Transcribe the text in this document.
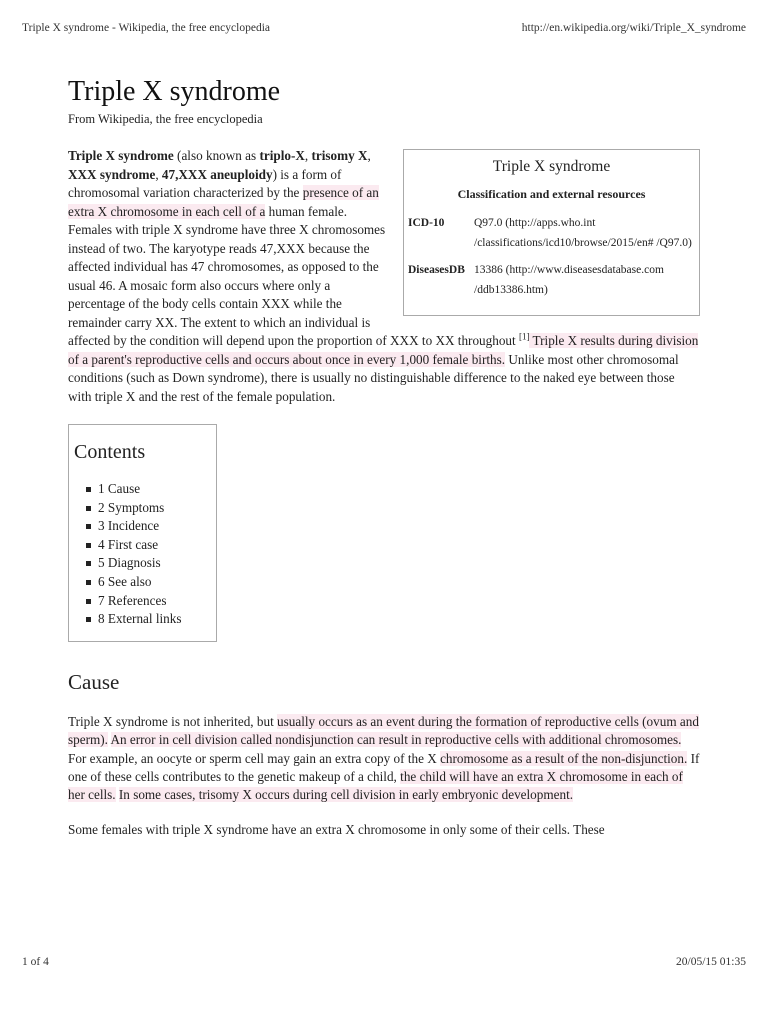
Triple X syndrome - Wikipedia, the free encyclopedia	http://en.wikipedia.org/wiki/Triple_X_syndrome
Triple X syndrome
From Wikipedia, the free encyclopedia
Triple X syndrome
Classification and external resources
ICD-10	Q97.0 (http://apps.who.int /classifications/icd10/browse/2015/en# /Q97.0)
DiseasesDB	13386 (http://www.diseasesdatabase.com /ddb13386.htm)
Triple X syndrome (also known as triplo-X, trisomy X, XXX syndrome, 47,XXX aneuploidy) is a form of chromosomal variation characterized by the presence of an extra X chromosome in each cell of a human female. Females with triple X syndrome have three X chromosomes instead of two. The karyotype reads 47,XXX because the affected individual has 47 chromosomes, as opposed to the usual 46. A mosaic form also occurs where only a percentage of the body cells contain XXX while the remainder carry XX. The extent to which an individual is affected by the condition will depend upon the proportion of XXX to XX throughout [1] Triple X results during division of a parent's reproductive cells and occurs about once in every 1,000 female births. Unlike most other chromosomal conditions (such as Down syndrome), there is usually no distinguishable difference to the naked eye between those with triple X and the rest of the female population.
Contents
1 Cause
2 Symptoms
3 Incidence
4 First case
5 Diagnosis
6 See also
7 References
8 External links
Cause

Triple X syndrome is not inherited, but usually occurs as an event during the formation of reproductive cells (ovum and sperm). An error in cell division called nondisjunction can result in reproductive cells with additional chromosomes. For example, an oocyte or sperm cell may gain an extra copy of the X chromosome as a result of the non-disjunction. If one of these cells contributes to the genetic makeup of a child, the child will have an extra X chromosome in each of her cells. In some cases, trisomy X occurs during cell division in early embryonic development.

Some females with triple X syndrome have an extra X chromosome in only some of their cells. These

1 of 4	20/05/15 01:35
